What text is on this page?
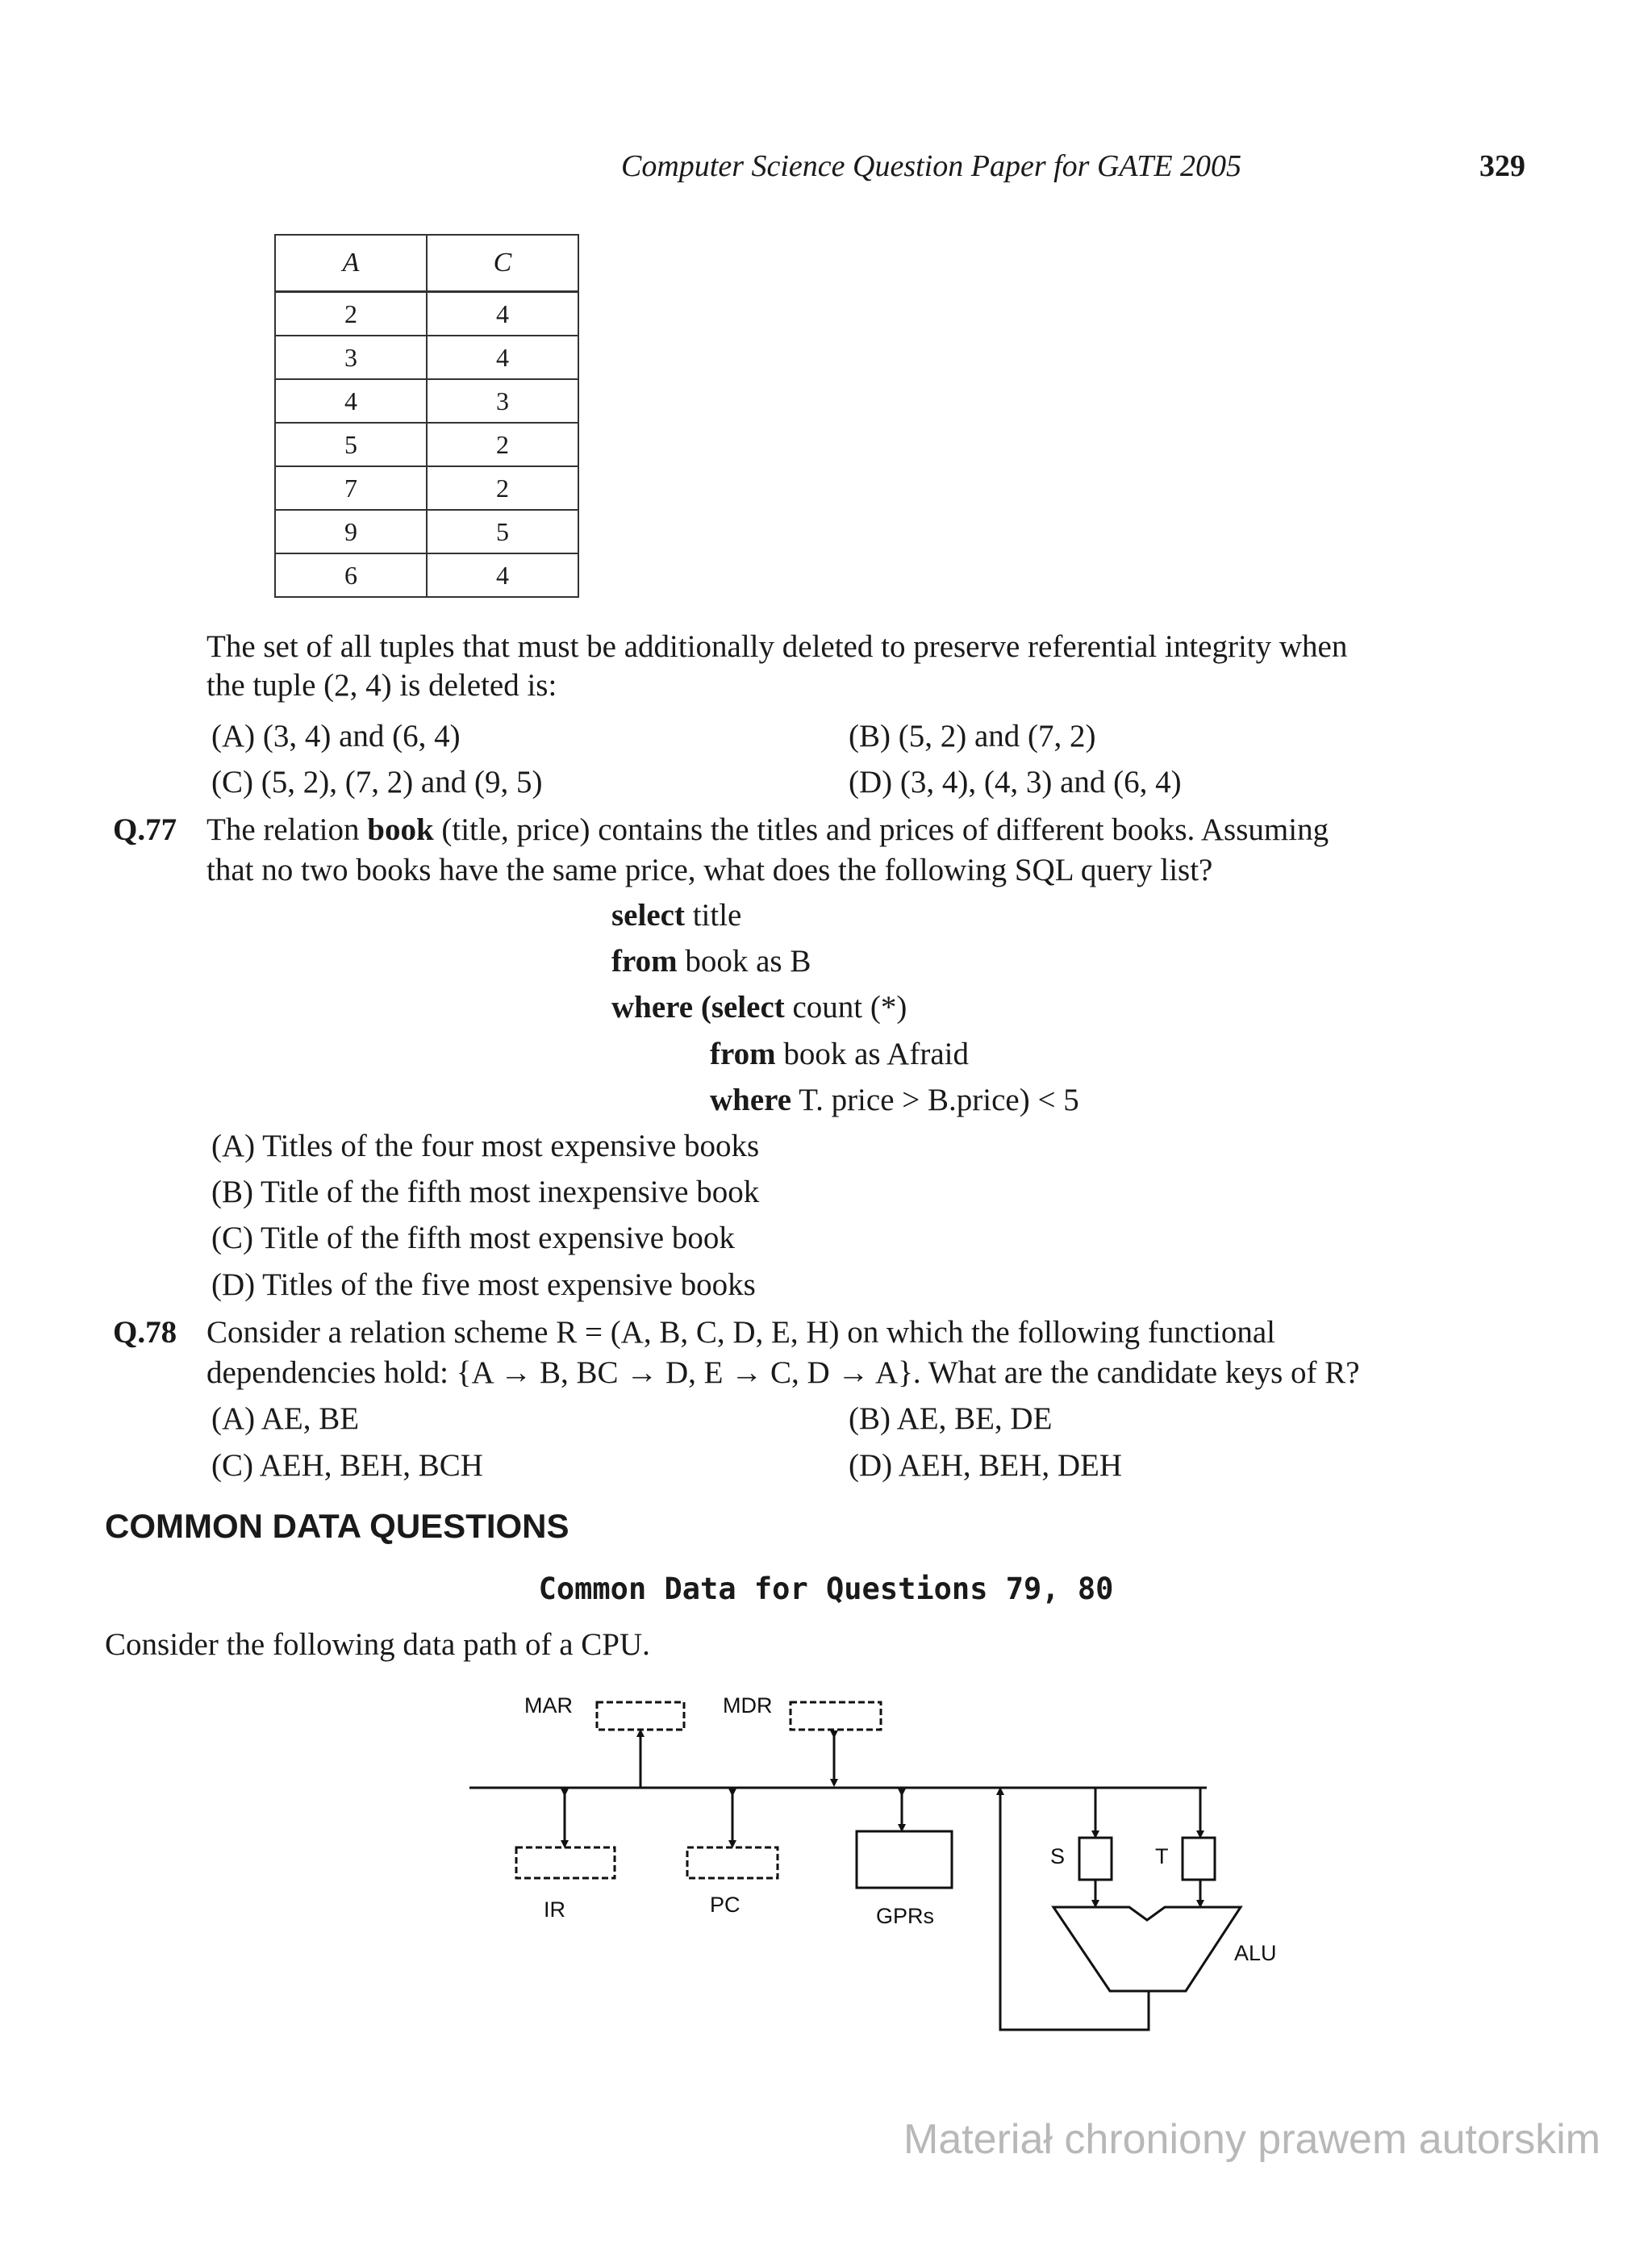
Computer Science Question Paper for GATE 2005	329
A	C
2	4
3	4
4	3
5	2
7	2
9	5
6	4
The set of all tuples that must be additionally deleted to preserve referential integrity when
the tuple (2, 4) is deleted is:
(A) (3, 4) and (6, 4)	(B) (5, 2) and (7, 2)
(C) (5, 2), (7, 2) and (9, 5)	(D) (3, 4), (4, 3) and (6, 4)
Q.77 The relation book (title, price) contains the titles and prices of different books. Assuming
that no two books have the same price, what does the following SQL query list?
select title
from book as B
where (select count (*)
from book as Afraid
where T. price > B.price) < 5
(A) Titles of the four most expensive books
(B) Title of the fifth most inexpensive book
(C) Title of the fifth most expensive book
(D) Titles of the five most expensive books
Q.78 Consider a relation scheme R = (A, B, C, D, E, H) on which the following functional
dependencies hold: {A → B, BC → D, E → C, D → A}. What are the candidate keys of R?
(A) AE, BE	(B) AE, BE, DE
(C) AEH, BEH, BCH	(D) AEH, BEH, DEH
COMMON DATA QUESTIONS
Common Data for Questions 79, 80
Consider the following data path of a CPU.
MAR	MDR
IR	PC	GPRs
S	T
ALU
Materiał chroniony prawem autorskim
